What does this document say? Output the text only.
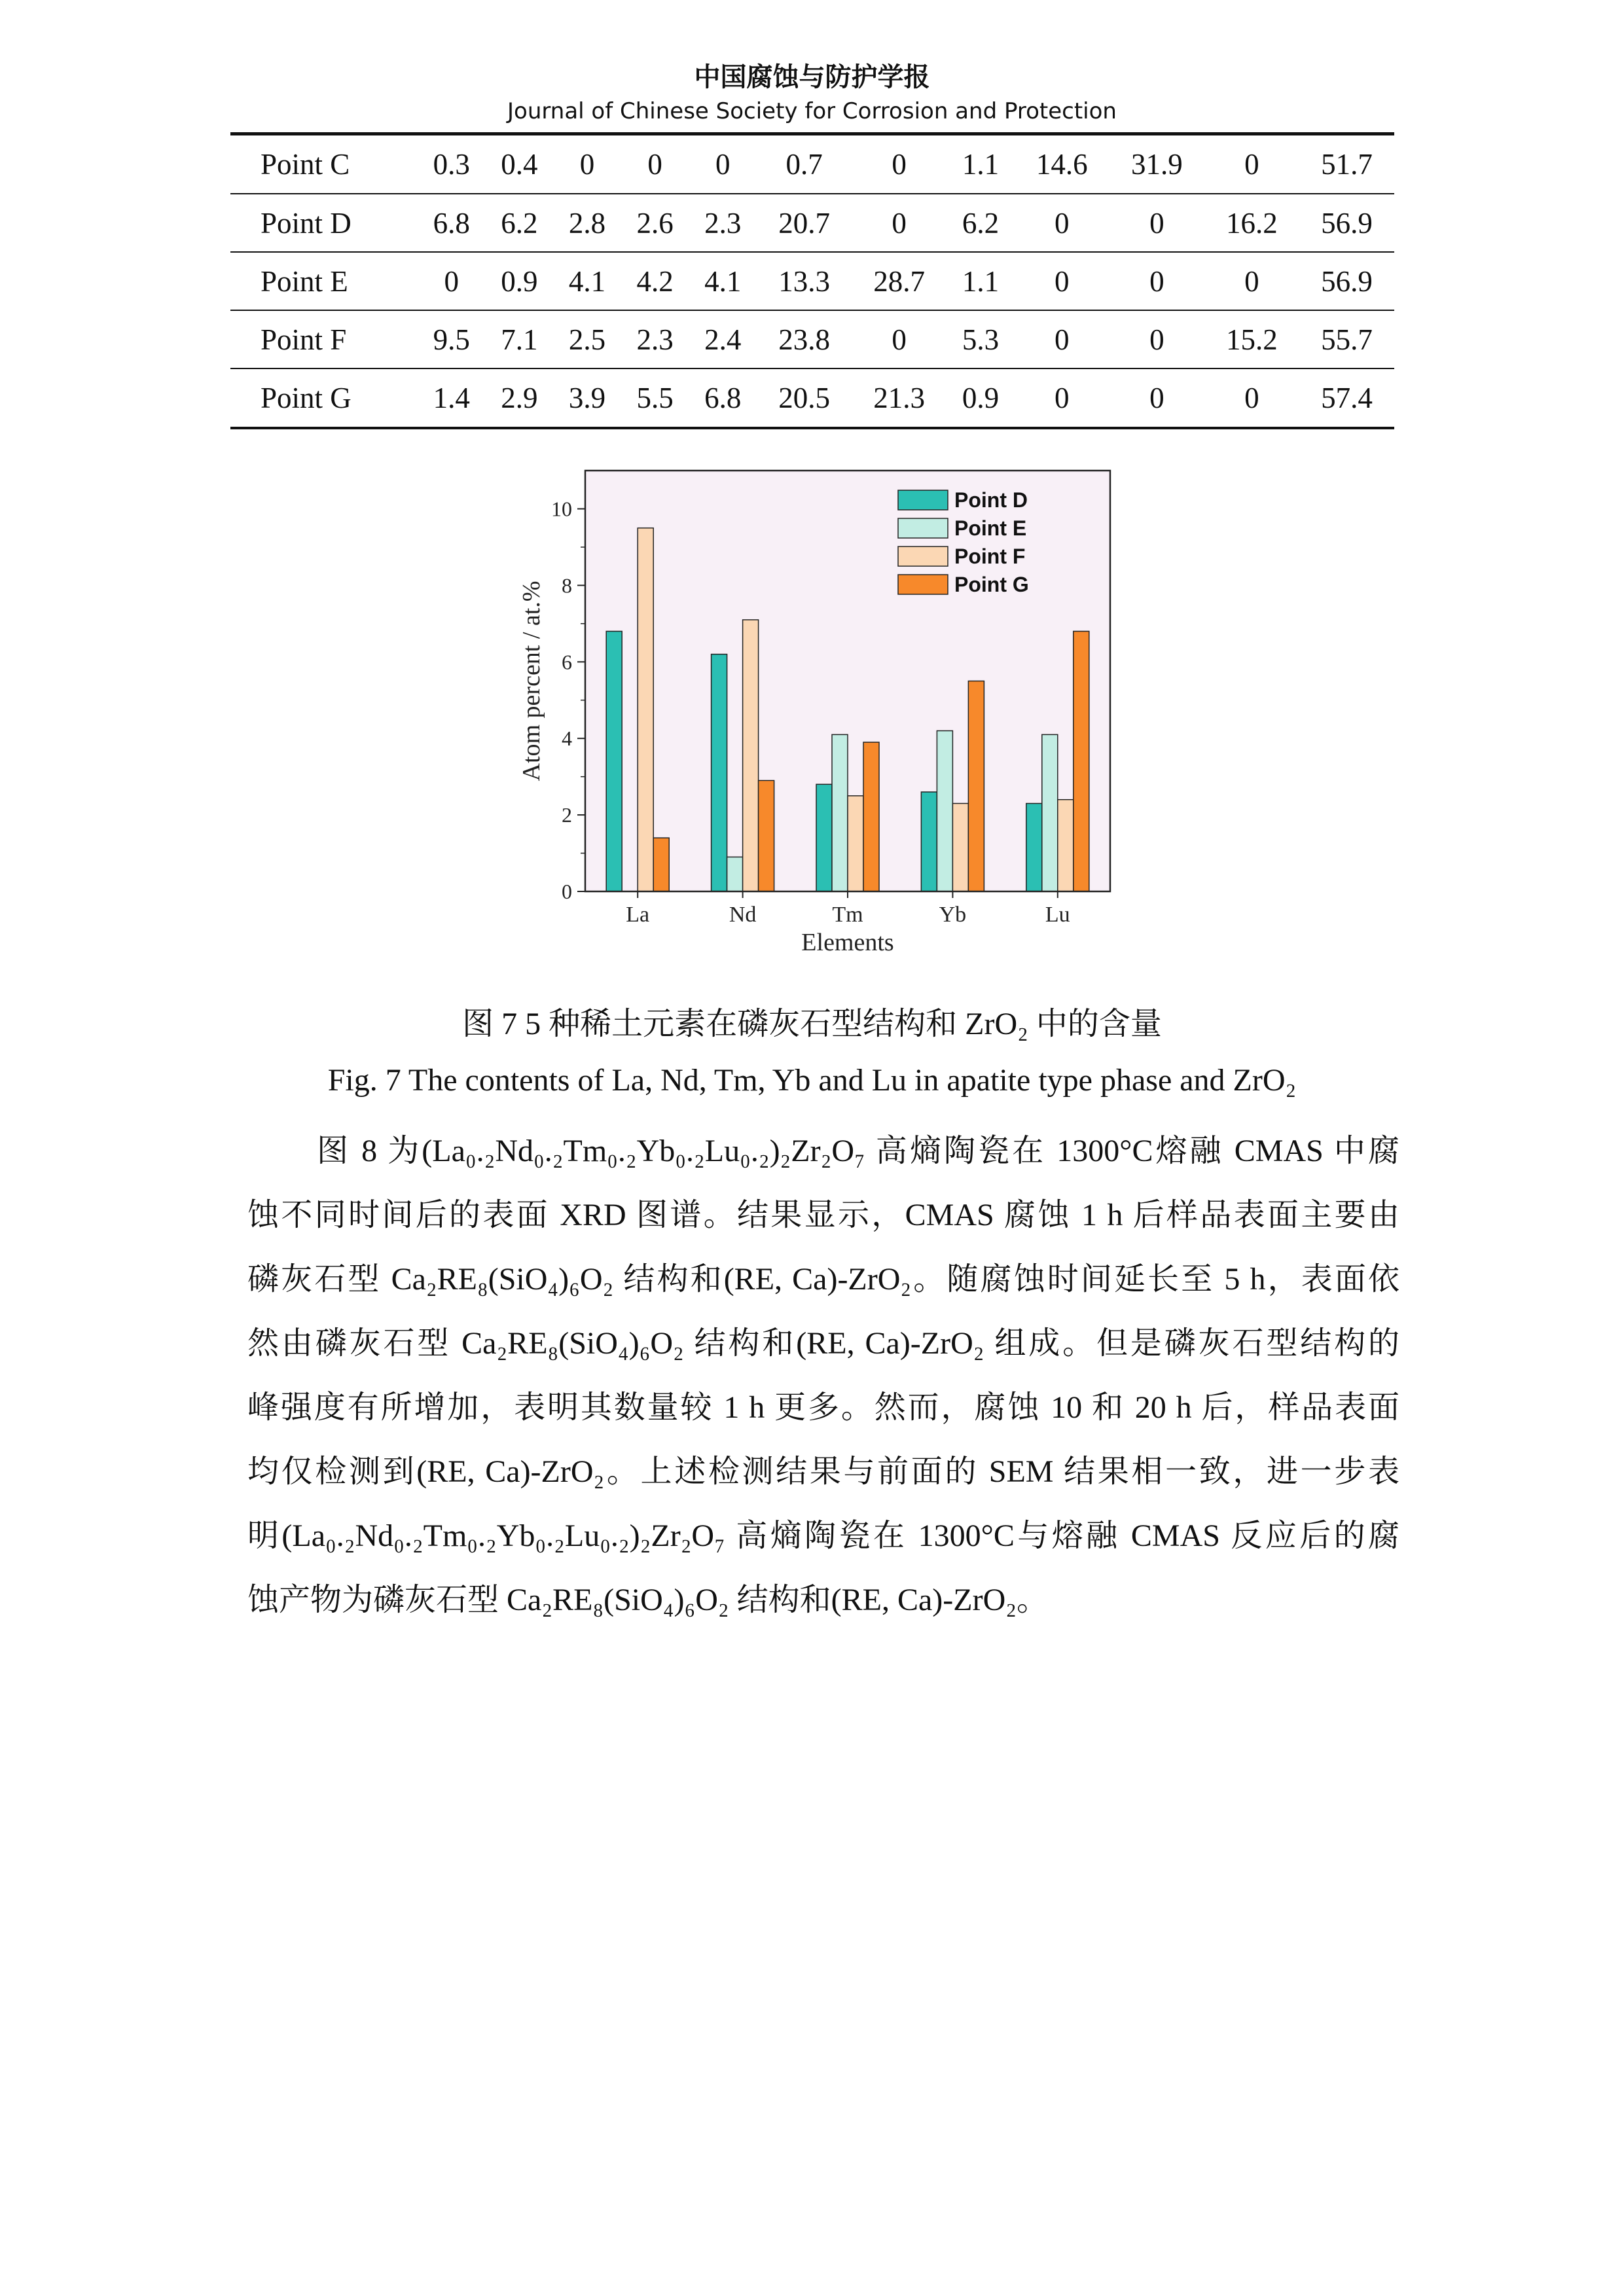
中国腐蚀与防护学报
Journal of Chinese Society for Corrosion and Protection
Point C	0.3	0.4	0	0	0	0.7	0	1.1	14.6	31.9	0	51.7
Point D	6.8	6.2	2.8	2.6	2.3	20.7	0	6.2	0	0	16.2	56.9
Point E	0	0.9	4.1	4.2	4.1	13.3	28.7	1.1	0	0	0	56.9
Point F	9.5	7.1	2.5	2.3	2.4	23.8	0	5.3	0	0	15.2	55.7
Point G	1.4	2.9	3.9	5.5	6.8	20.5	21.3	0.9	0	0	0	57.4
La	Nd	Tm	Yb	Lu
0
2
4
6
8
10
Elements
Atom percent / at.%
Point D
Point E
Point F
Point G
图 7 5 种稀土元素在磷灰石型结构和 ZrO₂ 中的含量
Fig. 7 The contents of La, Nd, Tm, Yb and Lu in apatite type phase and ZrO₂
图 8 为(La₀.₂Nd₀.₂Tm₀.₂Yb₀.₂Lu₀.₂)₂Zr₂O₇ 高熵陶瓷在 1300°C熔融 CMAS 中腐
蚀不同时间后的表面 XRD 图谱。结果显示，CMAS 腐蚀 1 h 后样品表面主要由
磷灰石型 Ca₂RE₈(SiO₄)₆O₂ 结构和(RE, Ca)-ZrO₂。随腐蚀时间延长至 5 h，表面依
然由磷灰石型 Ca₂RE₈(SiO₄)₆O₂ 结构和(RE, Ca)-ZrO₂ 组成。但是磷灰石型结构的
峰强度有所增加，表明其数量较 1 h 更多。然而，腐蚀 10 和 20 h 后，样品表面
均仅检测到(RE, Ca)-ZrO₂。上述检测结果与前面的 SEM 结果相一致，进一步表
明(La₀.₂Nd₀.₂Tm₀.₂Yb₀.₂Lu₀.₂)₂Zr₂O₇ 高熵陶瓷在 1300°C与熔融 CMAS 反应后的腐
蚀产物为磷灰石型 Ca₂RE₈(SiO₄)₆O₂ 结构和(RE, Ca)-ZrO₂。
